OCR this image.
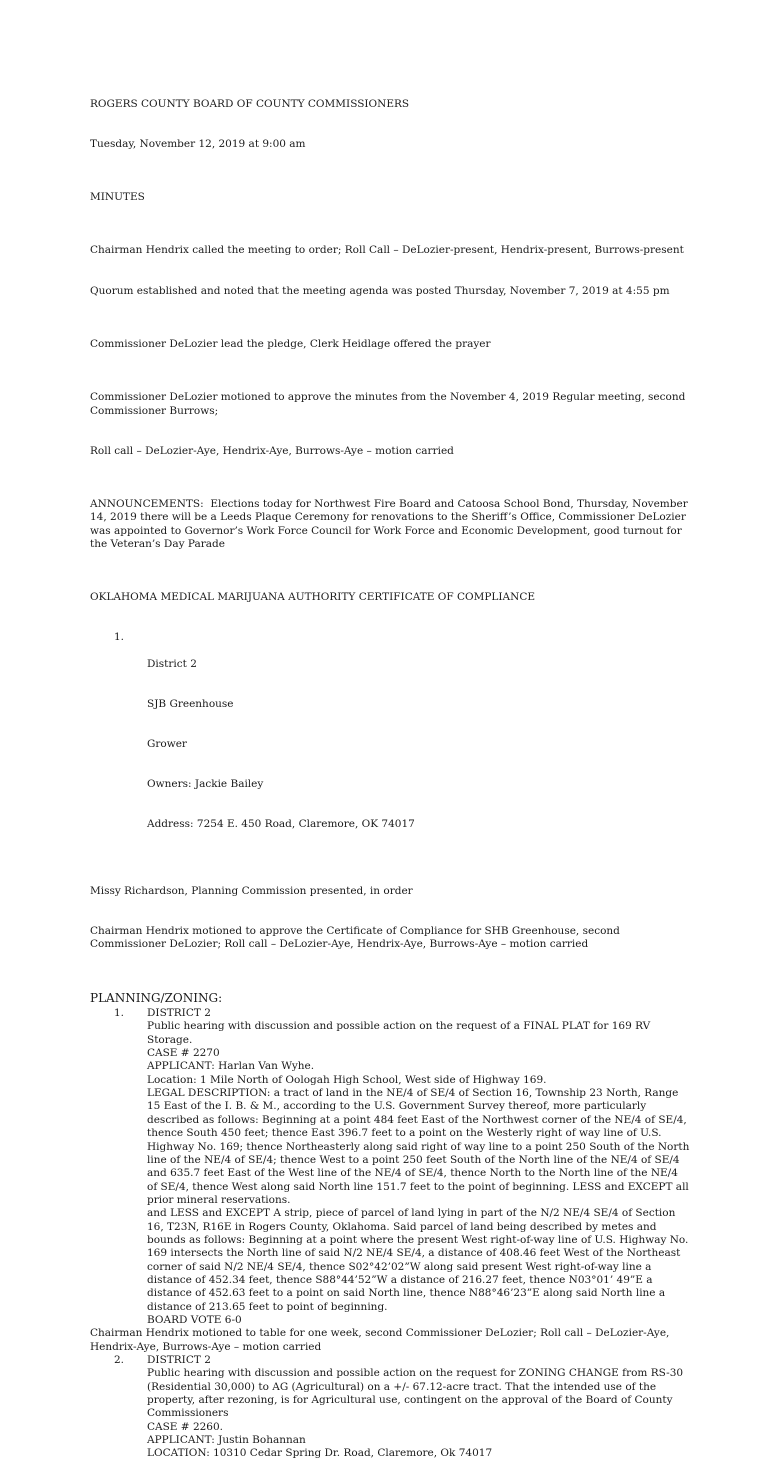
ROGERS COUNTY BOARD OF COUNTY COMMISSIONERS

Tuesday, November 12, 2019 at 9:00 am

MINUTES

Chairman Hendrix called the meeting to order; Roll Call – DeLozier-present, Hendrix-present, Burrows-present

Quorum established and noted that the meeting agenda was posted Thursday, November 7, 2019 at 4:55 pm

Commissioner DeLozier lead the pledge, Clerk Heidlage offered the prayer

Commissioner DeLozier motioned to approve the minutes from the November 4, 2019 Regular meeting, second Commissioner Burrows;

Roll call – DeLozier-Aye, Hendrix-Aye, Burrows-Aye – motion carried

ANNOUNCEMENTS:  Elections today for Northwest Fire Board and Catoosa School Bond, Thursday, November 14, 2019 there will be a Leeds Plaque Ceremony for renovations to the Sheriff’s Office, Commissioner DeLozier was appointed to Governor’s Work Force Council for Work Force and Economic Development, good turnout for the Veteran’s Day Parade

OKLAHOMA MEDICAL MARIJUANA AUTHORITY CERTIFICATE OF COMPLIANCE

1.

District 2

SJB Greenhouse

Grower

Owners: Jackie Bailey

Address: 7254 E. 450 Road, Claremore, OK 74017

Missy Richardson, Planning Commission presented, in order

Chairman Hendrix motioned to approve the Certificate of Compliance for SHB Greenhouse, second Commissioner DeLozier; Roll call – DeLozier-Aye, Hendrix-Aye, Burrows-Aye – motion carried

PLANNING/ZONING:
1.	DISTRICT 2
Public hearing with discussion and possible action on the request of a FINAL PLAT for 169 RV Storage.
CASE # 2270
APPLICANT: Harlan Van Wyhe.
Location: 1 Mile North of Oologah High School, West side of Highway 169.
LEGAL DESCRIPTION: a tract of land in the NE/4 of SE/4 of Section 16, Township 23 North, Range 15 East of the I. B. & M., according to the U.S. Government Survey thereof, more particularly described as follows: Beginning at a point 484 feet East of the Northwest corner of the NE/4 of SE/4, thence South 450 feet; thence East 396.7 feet to a point on the Westerly right of way line of U.S. Highway No. 169; thence Northeasterly along said right of way line to a point 250 South of the North line of the NE/4 of SE/4; thence West to a point 250 feet South of the North line of the NE/4 of SE/4 and 635.7 feet East of the West line of the NE/4 of SE/4, thence North to the North line of the NE/4 of SE/4, thence West along said North line 151.7 feet to the point of beginning. LESS and EXCEPT all prior mineral reservations.
and LESS and EXCEPT A strip, piece of parcel of land lying in part of the N/2 NE/4 SE/4 of Section 16, T23N, R16E in Rogers County, Oklahoma. Said parcel of land being described by metes and bounds as follows: Beginning at a point where the present West right-of-way line of U.S. Highway No. 169 intersects the North line of said N/2 NE/4 SE/4, a distance of 408.46 feet West of the Northeast corner of said N/2 NE/4 SE/4, thence S02°42’02”W along said present West right-of-way line a distance of 452.34 feet, thence S88°44’52”W a distance of 216.27 feet, thence N03°01’ 49”E a distance of 452.63 feet to a point on said North line, thence N88°46’23”E along said North line a distance of 213.65 feet to point of beginning.
BOARD VOTE 6-0
Chairman Hendrix motioned to table for one week, second Commissioner DeLozier; Roll call – DeLozier-Aye, Hendrix-Aye, Burrows-Aye – motion carried
2.	DISTRICT 2
Public hearing with discussion and possible action on the request for ZONING CHANGE from RS-30 (Residential 30,000) to AG (Agricultural) on a +/- 67.12-acre tract. That the intended use of the property, after rezoning, is for Agricultural use, contingent on the approval of the Board of County Commissioners
CASE # 2260.
APPLICANT: Justin Bohannan
LOCATION: 10310 Cedar Spring Dr. Road, Claremore, Ok 74017
